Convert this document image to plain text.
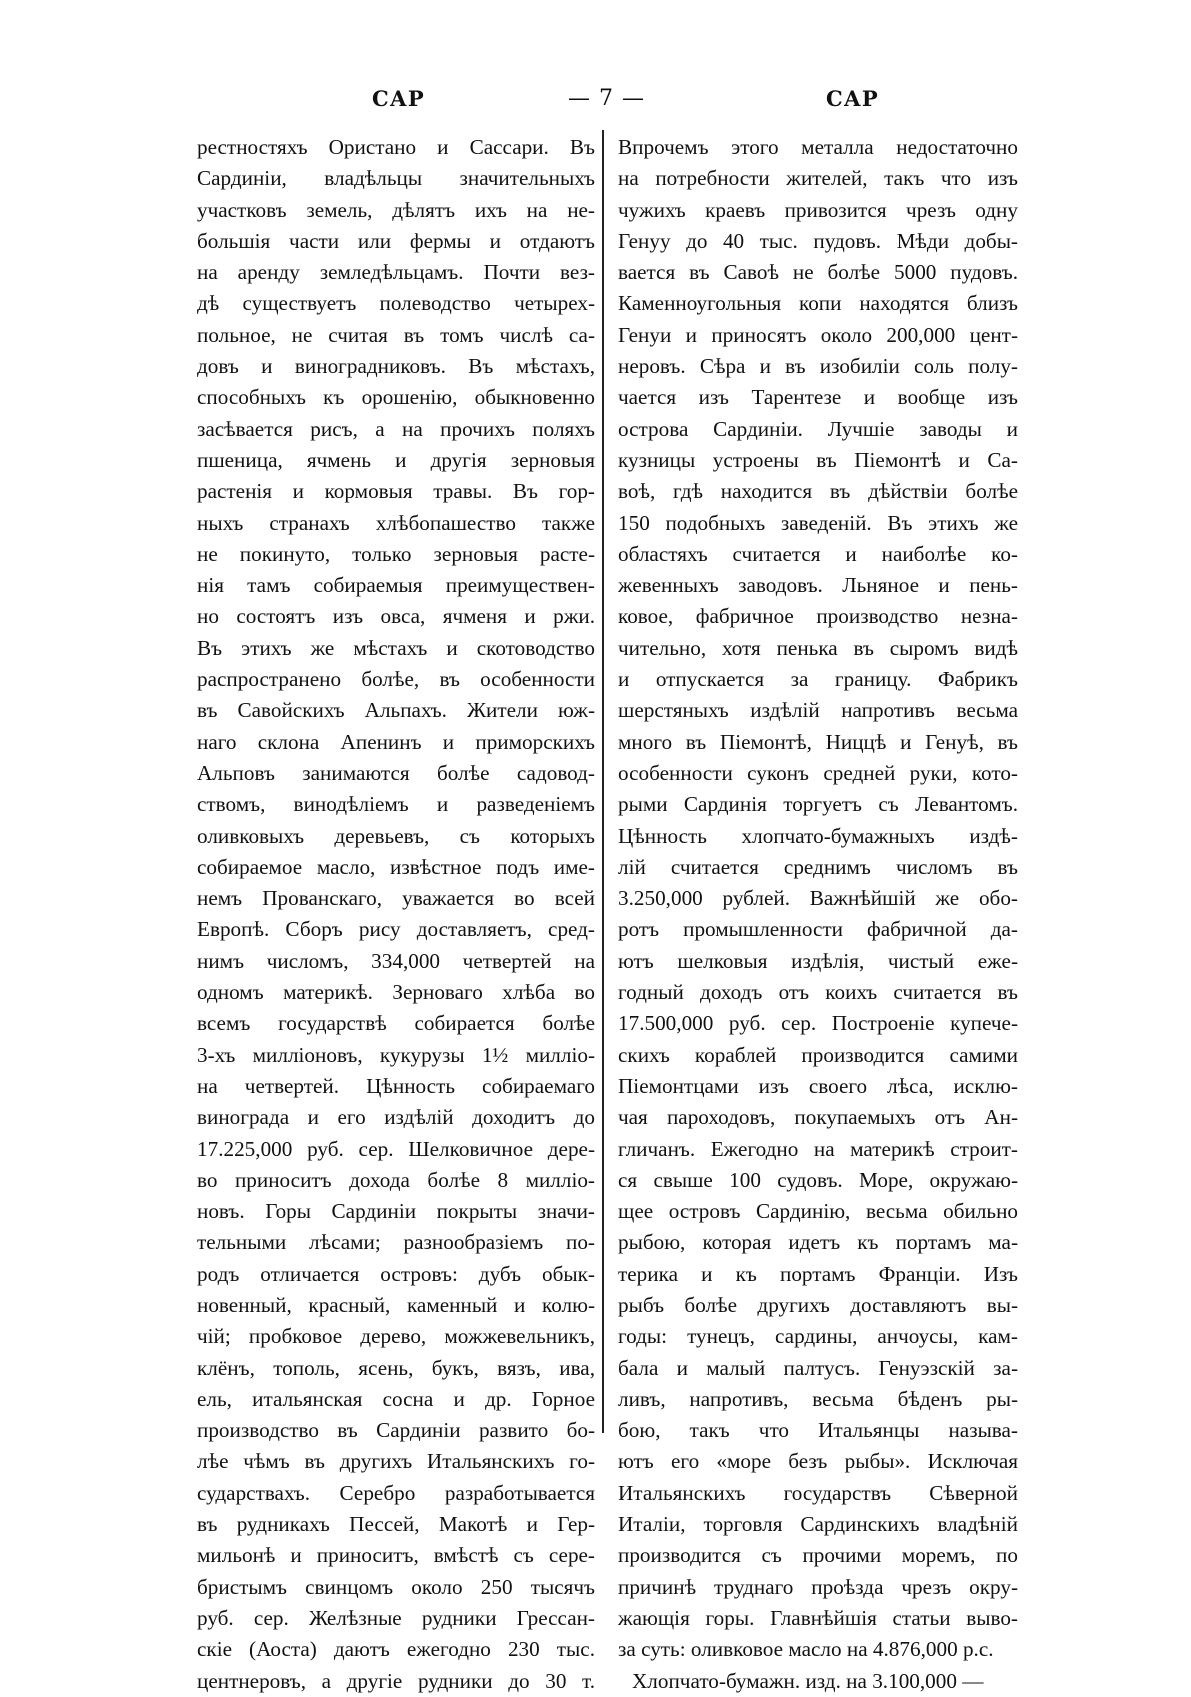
САР	— 7 —	САР
рестностяхъ Ористано и Сассари. Въ
Сардиніи, владѣльцы значительныхъ
участковъ земель, дѣлятъ ихъ на не-
большія части или фермы и отдаютъ
на аренду земледѣльцамъ. Почти вез-
дѣ существуетъ полеводство четырех-
польное, не считая въ томъ числѣ са-
довъ и виноградниковъ. Въ мѣстахъ,
способныхъ къ орошенію, обыкновенно
засѣвается рисъ, а на прочихъ поляхъ
пшеница, ячмень и другія зерновыя
растенія и кормовыя травы. Въ гор-
ныхъ странахъ хлѣбопашество также
не покинуто, только зерновыя расте-
нія тамъ собираемыя преимуществен-
но состоятъ изъ овса, ячменя и ржи.
Въ этихъ же мѣстахъ и скотоводство
распространено болѣе, въ особенности
въ Савойскихъ Альпахъ. Жители юж-
наго склона Апенинъ и приморскихъ
Альповъ занимаются болѣе садовод-
ствомъ, винодѣліемъ и разведеніемъ
оливковыхъ деревьевъ, съ которыхъ
собираемое масло, извѣстное подъ име-
немъ Прованскаго, уважается во всей
Европѣ. Сборъ рису доставляетъ, сред-
нимъ числомъ, 334,000 четвертей на
одномъ материкѣ. Зерноваго хлѣба во
всемъ государствѣ собирается болѣе
3-хъ милліоновъ, кукурузы 1½ милліо-
на четвертей. Цѣнность собираемаго
винограда и его издѣлій доходитъ до
17.225,000 руб. сер. Шелковичное дере-
во приноситъ дохода болѣе 8 милліо-
новъ. Горы Сардиніи покрыты значи-
тельными лѣсами; разнообразіемъ по-
родъ отличается островъ: дубъ обык-
новенный, красный, каменный и колю-
чій; пробковое дерево, можжевельникъ,
клёнъ, тополь, ясень, букъ, вязъ, ива,
ель, итальянская сосна и др. Горное
производство въ Сардиніи развито бо-
лѣе чѣмъ въ другихъ Итальянскихъ го-
сударствахъ. Серебро разработывается
въ рудникахъ Пессей, Макотѣ и Гер-
мильонѣ и приноситъ, вмѣстѣ съ сере-
бристымъ свинцомъ около 250 тысячъ
руб. сер. Желѣзные рудники Грессан-
скіе (Аоста) даютъ ежегодно 230 тыс.
центнеровъ, а другіе рудники до 30 т.
Впрочемъ этого металла недостаточно
на потребности жителей, такъ что изъ
чужихъ краевъ привозится чрезъ одну
Генуу до 40 тыс. пудовъ. Мѣди добы-
вается въ Савоѣ не болѣе 5000 пудовъ.
Каменноугольныя копи находятся близъ
Генуи и приносятъ около 200,000 цент-
неровъ. Сѣра и въ изобиліи соль полу-
чается изъ Тарентезе и вообще изъ
острова Сардиніи. Лучшіе заводы и
кузницы устроены въ Піемонтѣ и Са-
воѣ, гдѣ находится въ дѣйствіи болѣе
150 подобныхъ заведеній. Въ этихъ же
областяхъ считается и наиболѣе ко-
жевенныхъ заводовъ. Льняное и пень-
ковое, фабричное производство незна-
чительно, хотя пенька въ сыромъ видѣ
и отпускается за границу. Фабрикъ
шерстяныхъ издѣлій напротивъ весьма
много въ Піемонтѣ, Ниццѣ и Генуѣ, въ
особенности суконъ средней руки, кото-
рыми Сардинія торгуетъ съ Левантомъ.
Цѣнность хлопчато-бумажныхъ издѣ-
лій считается среднимъ числомъ въ
3.250,000 рублей. Важнѣйшій же обо-
ротъ промышленности фабричной да-
ютъ шелковыя издѣлія, чистый еже-
годный доходъ отъ коихъ считается въ
17.500,000 руб. сер. Построеніе купече-
скихъ кораблей производится самими
Піемонтцами изъ своего лѣса, исклю-
чая пароходовъ, покупаемыхъ отъ Ан-
гличанъ. Ежегодно на материкѣ строит-
ся свыше 100 судовъ. Море, окружаю-
щее островъ Сардинію, весьма обильно
рыбою, которая идетъ къ портамъ ма-
терика и къ портамъ Франціи. Изъ
рыбъ болѣе другихъ доставляютъ вы-
годы: тунецъ, сардины, анчоусы, кам-
бала и малый палтусъ. Генуэзскій за-
ливъ, напротивъ, весьма бѣденъ ры-
бою, такъ что Итальянцы называ-
ютъ его «море безъ рыбы». Исключая
Итальянскихъ государствъ Сѣверной
Италіи, торговля Сардинскихъ владѣній
производится съ прочими моремъ, по
причинѣ труднаго проѣзда чрезъ окру-
жающія горы. Главнѣйшія статьи выво-
за суть: оливковое масло на 4.876,000 р.с.
Хлопчато-бумажн. изд. на 3.100,000 —
